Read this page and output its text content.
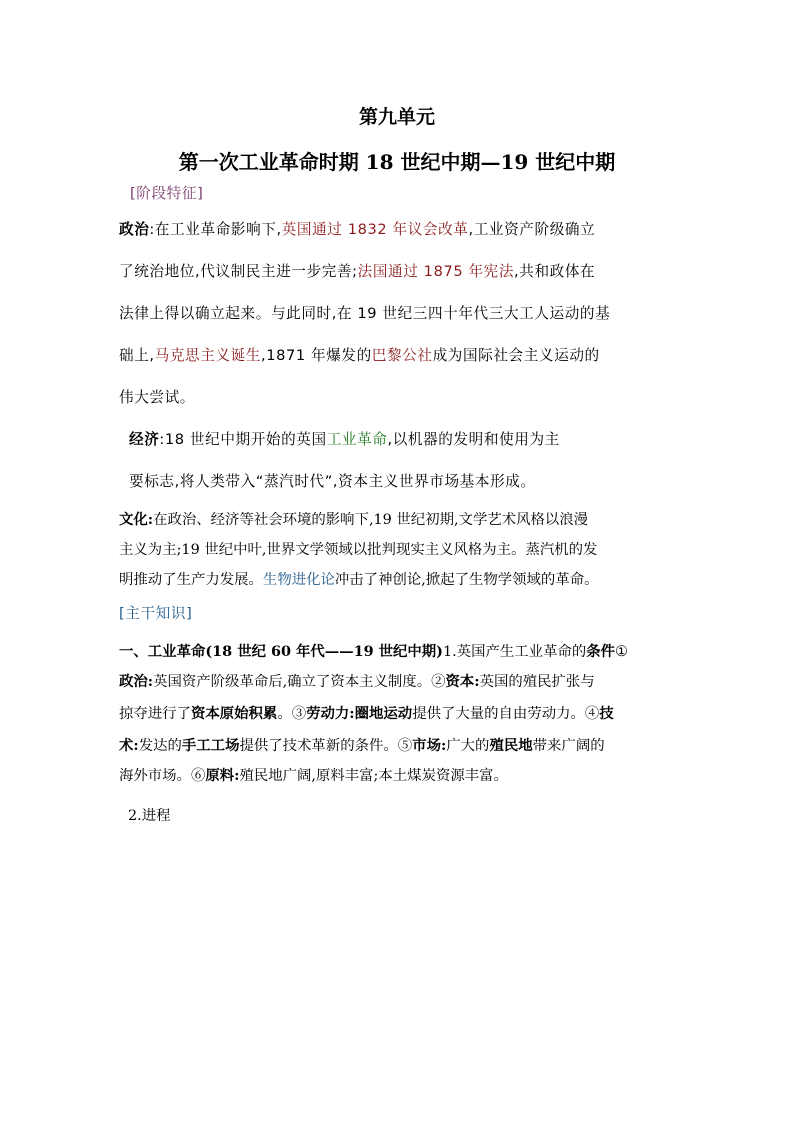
第九单元
第一次工业革命时期 18 世纪中期—19 世纪中期
[阶段特征]
政治:在工业革命影响下,英国通过 1832 年议会改革,工业资产阶级确立
了统治地位,代议制民主进一步完善;法国通过 1875 年宪法,共和政体在
法律上得以确立起来。与此同时,在 19 世纪三四十年代三大工人运动的基
础上,马克思主义诞生,1871 年爆发的巴黎公社成为国际社会主义运动的
伟大尝试。
经济:18 世纪中期开始的英国工业革命,以机器的发明和使用为主
要标志,将人类带入“蒸汽时代”,资本主义世界市场基本形成。
文化:在政治、经济等社会环境的影响下,19 世纪初期,文学艺术风格以浪漫
主义为主;19 世纪中叶,世界文学领域以批判现实主义风格为主。蒸汽机的发
明推动了生产力发展。生物进化论冲击了神创论,掀起了生物学领域的革命。
[主干知识]
一、工业革命(18 世纪 60 年代——19 世纪中期)1.英国产生工业革命的条件①
政治:英国资产阶级革命后,确立了资本主义制度。②资本:英国的殖民扩张与
掠夺进行了资本原始积累。③劳动力:圈地运动提供了大量的自由劳动力。④技
术:发达的手工工场提供了技术革新的条件。⑤市场:广大的殖民地带来广阔的
海外市场。⑥原料:殖民地广阔,原料丰富;本土煤炭资源丰富。
2.进程
